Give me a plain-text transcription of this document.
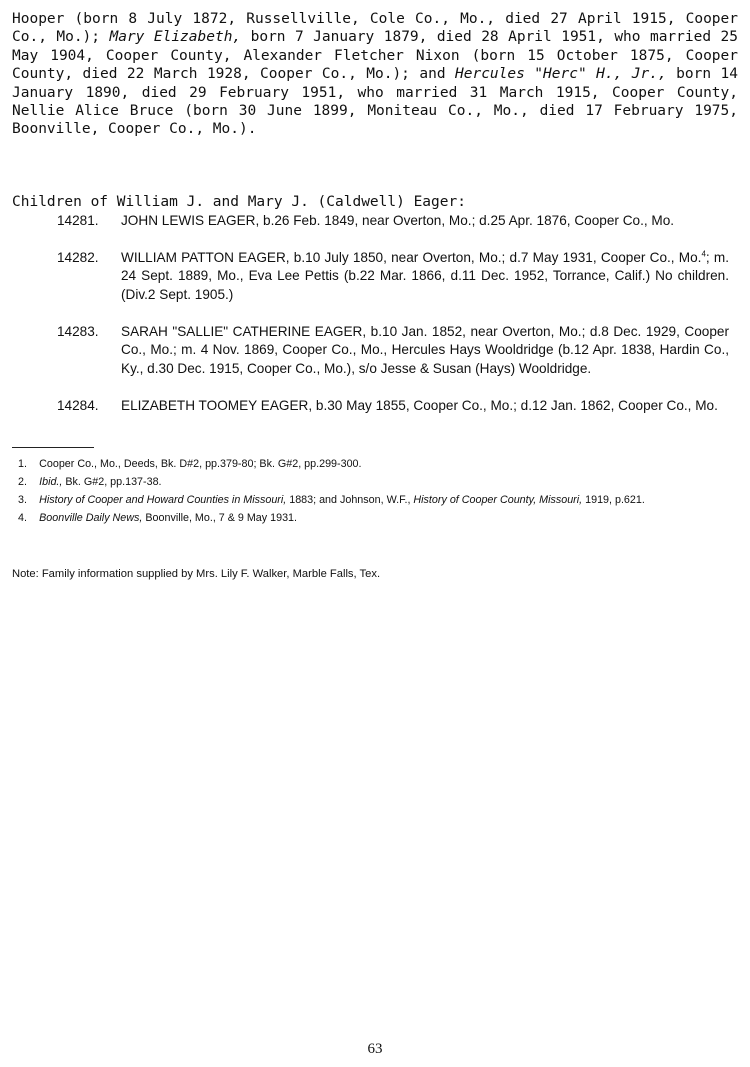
Hooper (born 8 July 1872, Russellville, Cole Co., Mo., died 27 April 1915, Cooper Co., Mo.); Mary Elizabeth, born 7 January 1879, died 28 April 1951, who married 25 May 1904, Cooper County, Alexander Fletcher Nixon (born 15 October 1875, Cooper County, died 22 March 1928, Cooper Co., Mo.); and Hercules "Herc" H., Jr., born 14 January 1890, died 29 February 1951, who married 31 March 1915, Cooper County, Nellie Alice Bruce (born 30 June 1899, Moniteau Co., Mo., died 17 February 1975, Boonville, Cooper Co., Mo.).
Children of William J. and Mary J. (Caldwell) Eager:
14281. JOHN LEWIS EAGER, b.26 Feb. 1849, near Overton, Mo.; d.25 Apr. 1876, Cooper Co., Mo.
14282. WILLIAM PATTON EAGER, b.10 July 1850, near Overton, Mo.; d.7 May 1931, Cooper Co., Mo.$^4$; m. 24 Sept. 1889, Mo., Eva Lee Pettis (b.22 Mar. 1866, d.11 Dec. 1952, Torrance, Calif.) No children. (Div.2 Sept. 1905.)
14283. SARAH "SALLIE" CATHERINE EAGER, b.10 Jan. 1852, near Overton, Mo.; d.8 Dec. 1929, Cooper Co., Mo.; m. 4 Nov. 1869, Cooper Co., Mo., Hercules Hays Wooldridge (b.12 Apr. 1838, Hardin Co., Ky., d.30 Dec. 1915, Cooper Co., Mo.), s/o Jesse & Susan (Hays) Wooldridge.
14284. ELIZABETH TOOMEY EAGER, b.30 May 1855, Cooper Co., Mo.; d.12 Jan. 1862, Cooper Co., Mo.
1. Cooper Co., Mo., Deeds, Bk. D#2, pp.379-80; Bk. G#2, pp.299-300.
2. Ibid., Bk. G#2, pp.137-38.
3. History of Cooper and Howard Counties in Missouri, 1883; and Johnson, W.F., History of Cooper County, Missouri, 1919, p.621.
4. Boonville Daily News, Boonville, Mo., 7 & 9 May 1931.
Note: Family information supplied by Mrs. Lily F. Walker, Marble Falls, Tex.
63
